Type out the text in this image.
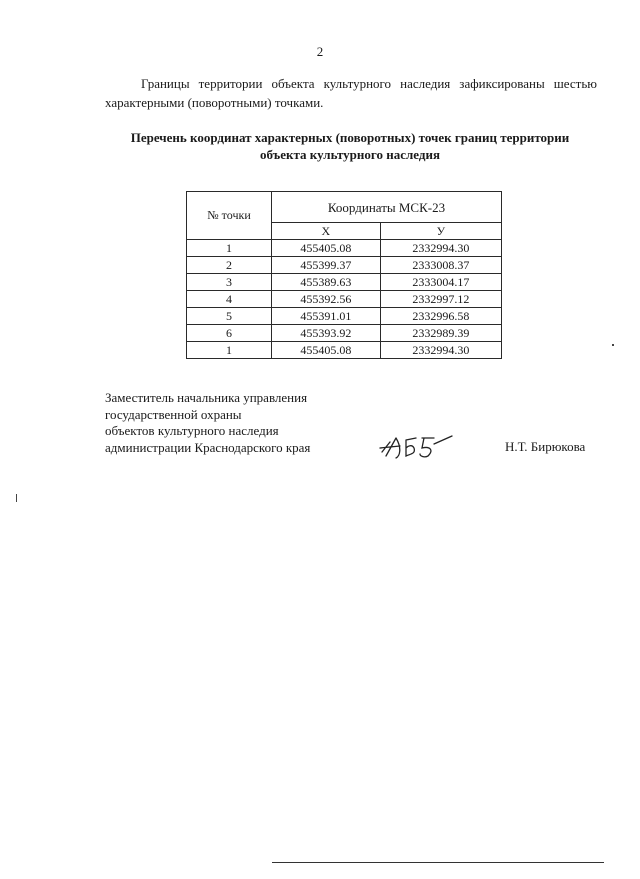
2
Границы территории объекта культурного наследия зафиксированы шестью
характерными (поворотными) точками.
Перечень координат характерных (поворотных) точек границ территории
объекта культурного наследия
№ точки	Координаты МСК-23	
	X	У
1	455405.08	2332994.30
2	455399.37	2333008.37
3	455389.63	2333004.17
4	455392.56	2332997.12
5	455391.01	2332996.58
6	455393.92	2332989.39
1	455405.08	2332994.30
Заместитель начальника управления
государственной охраны
объектов культурного наследия
администрации Краснодарского края	Н.Т. Бирюкова
